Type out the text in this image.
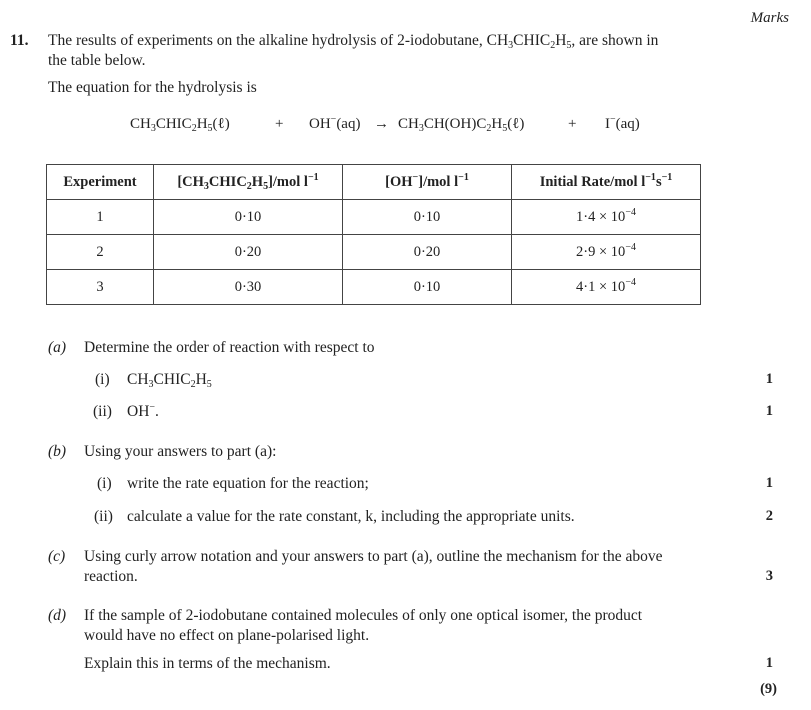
Marks
11. The results of experiments on the alkaline hydrolysis of 2-iodobutane, $CH_3CHIC_2H_5$, are shown in
the table below.
The equation for the hydrolysis is
$CH_3CHIC_2H_5(\ell)$	+ $OH^-(aq) \to CH_3CH(OH)C_2H_5(\ell)$	+ I−(aq)
Experiment	$[CH_3CHIC_2H_5]$/mol $l^{-1}$	[OH−]/mol $l^{-1}$	Initial Rate/mol $l^{-1}s^{-1}$
1	0·10	0·10	$1\cdot 4 \times 10^{-4}$
2	0·20	0·20	$2\cdot 9 \times 10^{-4}$
3	0·30	0·10	$4\cdot 1 \times 10^{-4}$
(a) Determine the order of reaction with respect to
(i) $CH_3CHIC_2H_5$	1
(ii) OH−.	1
(b) Using your answers to part (a):
(i) write the rate equation for the reaction;	1
(ii) calculate a value for the rate constant, k, including the appropriate units.	2
(c) Using curly arrow notation and your answers to part (a), outline the mechanism for the above
reaction.	3
(d) If the sample of 2-iodobutane contained molecules of only one optical isomer, the product
would have no effect on plane-polarised light.
Explain this in terms of the mechanism.	1
(9)
